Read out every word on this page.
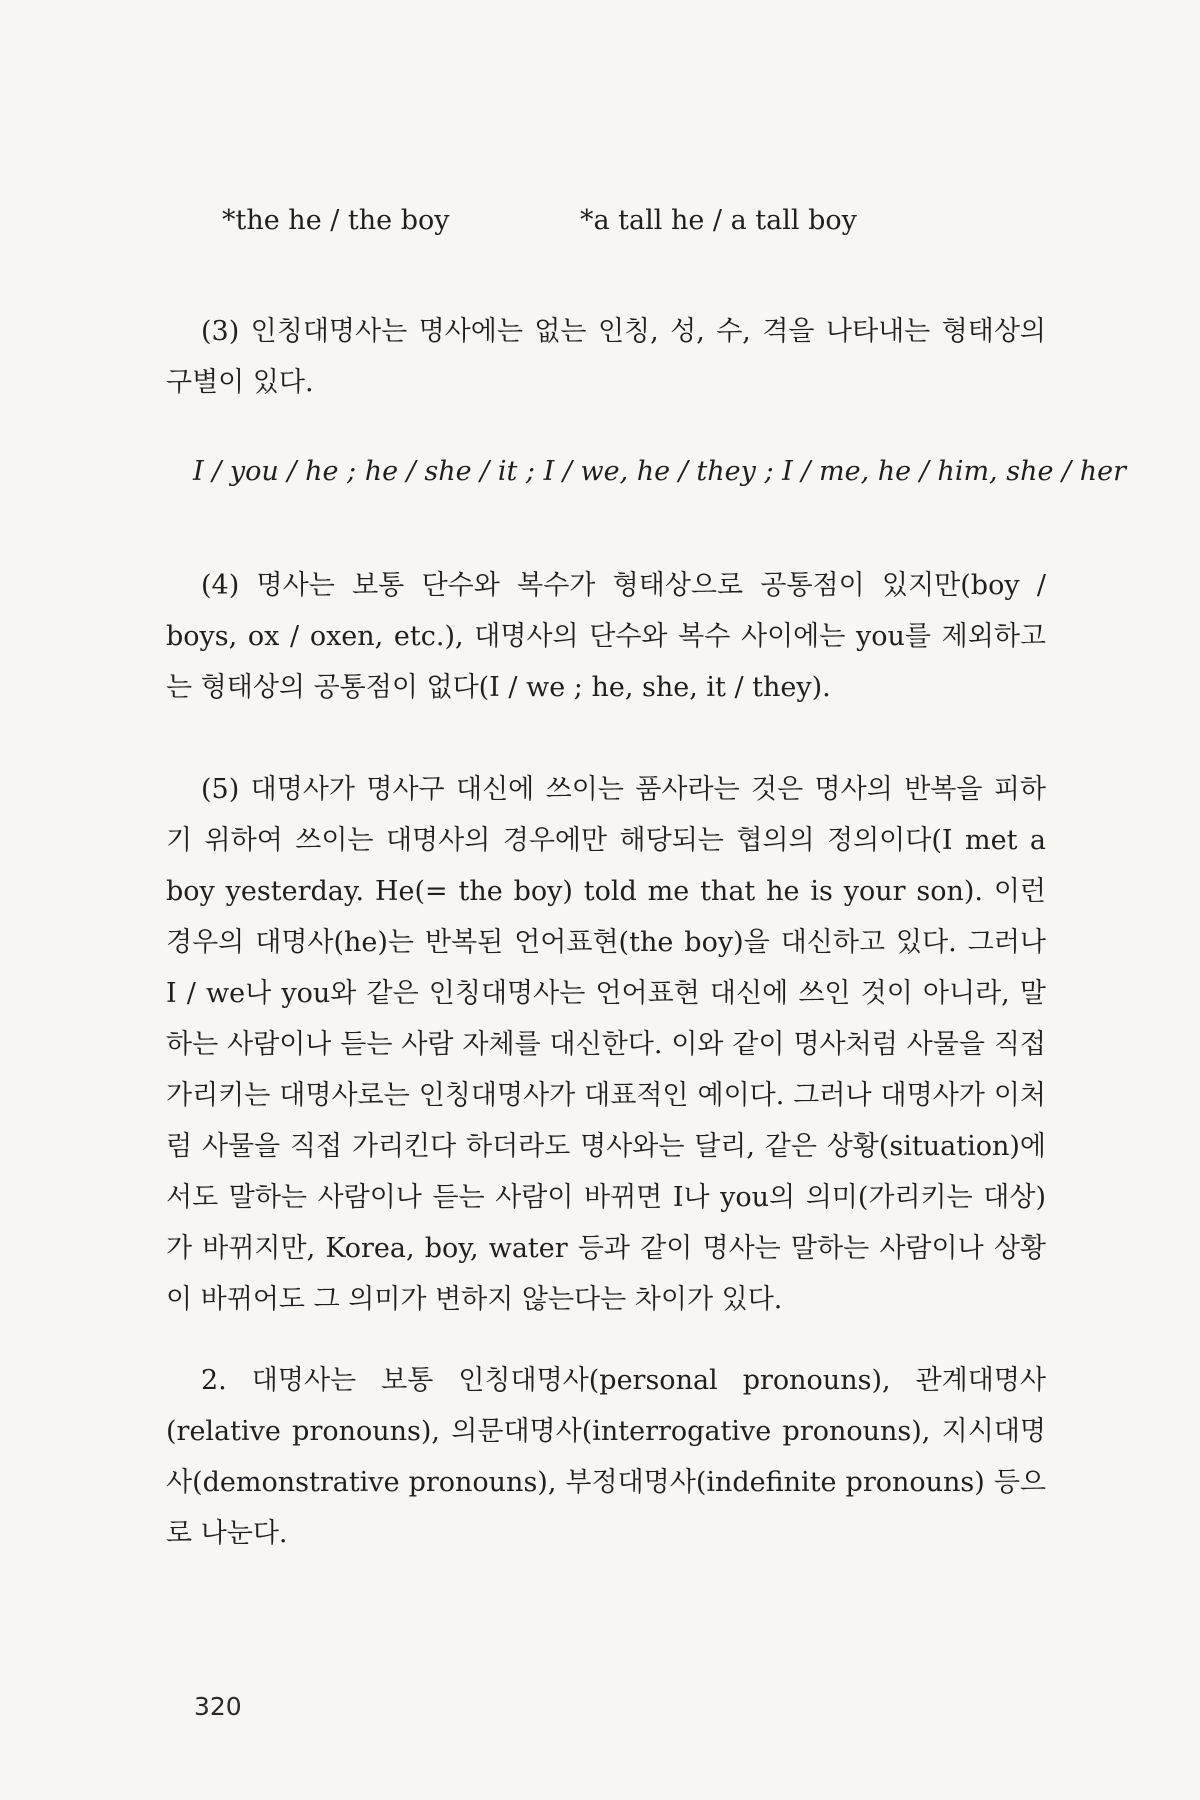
*the he / the boy	*a tall he / a tall boy

(3) 인칭대명사는 명사에는 없는 인칭, 성, 수, 격을 나타내는 형태상의 구별이 있다.

I / you / he ; he / she / it ; I / we, he / they ; I / me, he / him, she / her

(4) 명사는 보통 단수와 복수가 형태상으로 공통점이 있지만(boy / boys, ox / oxen, etc.), 대명사의 단수와 복수 사이에는 you를 제외하고는 형태상의 공통점이 없다(I / we ; he, she, it / they).

(5) 대명사가 명사구 대신에 쓰이는 품사라는 것은 명사의 반복을 피하기 위하여 쓰이는 대명사의 경우에만 해당되는 협의의 정의이다(I met a boy yesterday. He(= the boy) told me that he is your son). 이런 경우의 대명사(he)는 반복된 언어표현(the boy)을 대신하고 있다. 그러나 I / we나 you와 같은 인칭대명사는 언어표현 대신에 쓰인 것이 아니라, 말하는 사람이나 듣는 사람 자체를 대신한다. 이와 같이 명사처럼 사물을 직접 가리키는 대명사로는 인칭대명사가 대표적인 예이다. 그러나 대명사가 이처럼 사물을 직접 가리킨다 하더라도 명사와는 달리, 같은 상황(situation)에서도 말하는 사람이나 듣는 사람이 바뀌면 I나 you의 의미(가리키는 대상)가 바뀌지만, Korea, boy, water 등과 같이 명사는 말하는 사람이나 상황이 바뀌어도 그 의미가 변하지 않는다는 차이가 있다.

2. 대명사는 보통 인칭대명사(personal pronouns), 관계대명사(relative pronouns), 의문대명사(interrogative pronouns), 지시대명사(demonstrative pronouns), 부정대명사(indefinite pronouns) 등으로 나눈다.

320
